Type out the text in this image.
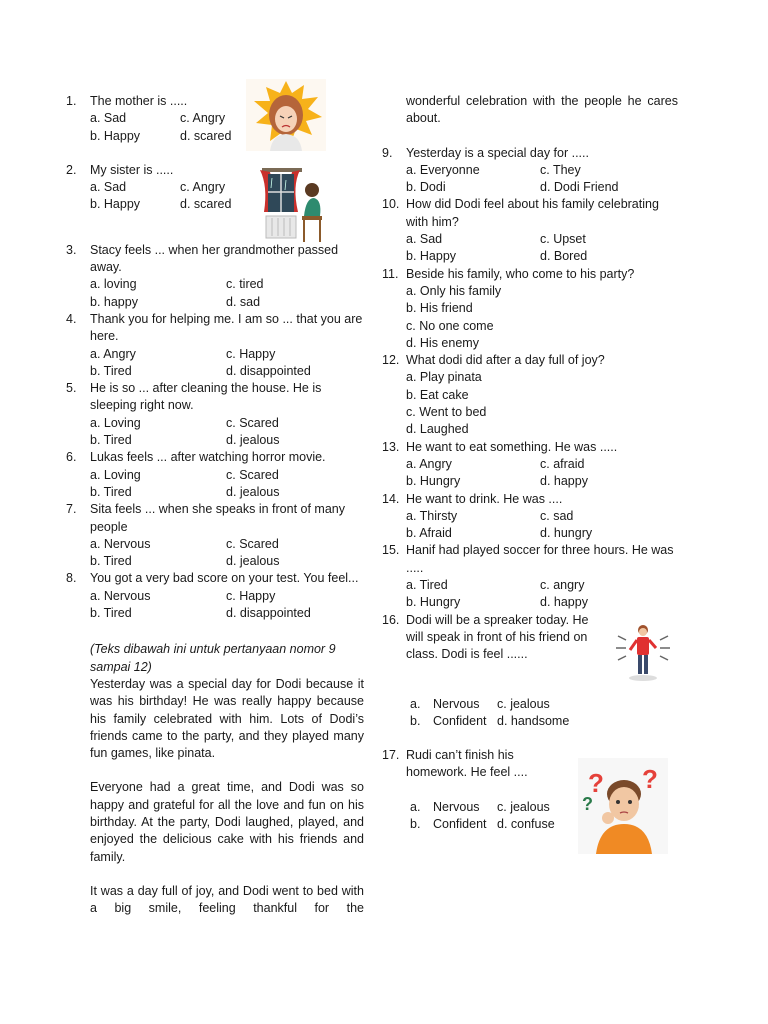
1.	The mother is .....
a. Sad	c. Angry
b. Happy	d. scared
2.	My sister is .....
a. Sad	c. Angry
b. Happy	d. scared
3.	Stacy feels ... when her grandmother passed away.
a. loving	c. tired
b. happy	d. sad
4.	Thank you for helping me. I am so ... that you are here.
a. Angry	c. Happy
b. Tired	d. disappointed
5.	He is so ... after cleaning the house. He is sleeping right now.
a. Loving	c. Scared
b. Tired	d. jealous
6.	Lukas feels ... after watching horror movie.
a. Loving	c. Scared
b. Tired	d. jealous
7.	Sita feels ... when she speaks in front of many people
a. Nervous	c. Scared
b. Tired	d. jealous
8.	You got a very bad score on your test. You feel...
a. Nervous	c. Happy
b. Tired	d. disappointed
(Teks dibawah ini untuk pertanyaan nomor 9 sampai 12)
Yesterday was a special day for Dodi because it was his birthday! He was really happy because his family celebrated with him. Lots of Dodi’s friends came to the party, and they played many fun games, like pinata.
Everyone had a great time, and Dodi was so happy and grateful for all the love and fun on his birthday. At the party, Dodi laughed, played, and enjoyed the delicious cake with his friends and family.
It was a day full of joy, and Dodi went to bed with a big smile, feeling thankful for the
wonderful celebration with the people he cares about.
9.	Yesterday is a special day for .....
a. Everyonne	c. They
b. Dodi	d. Dodi Friend
10. How did Dodi feel about his family celebrating with him?
a. Sad	c. Upset
b. Happy	d. Bored
11. Beside his family, who come to his party?
a. Only his family
b. His friend
c. No one come
d. His enemy
12. What dodi did after a day full of joy?
a. Play pinata
b. Eat cake
c. Went to bed
d. Laughed
13. He want to eat something. He was .....
a. Angry	c. afraid
b. Hungry	d. happy
14. He want to drink. He was ....
a. Thirsty	c. sad
b. Afraid	d. hungry
15. Hanif had played soccer for three hours. He was .....
a. Tired	c. angry
b. Hungry	d. happy
16. Dodi will be a spreaker today. He will speak in front of his friend on class. Dodi is feel ......
a.	Nervous	c. jealous
b.	Confident d. handsome
17. Rudi can’t finish his homework. He feel ....
a.	Nervous	c. jealous
b.	Confident d. confuse
? ?
?
